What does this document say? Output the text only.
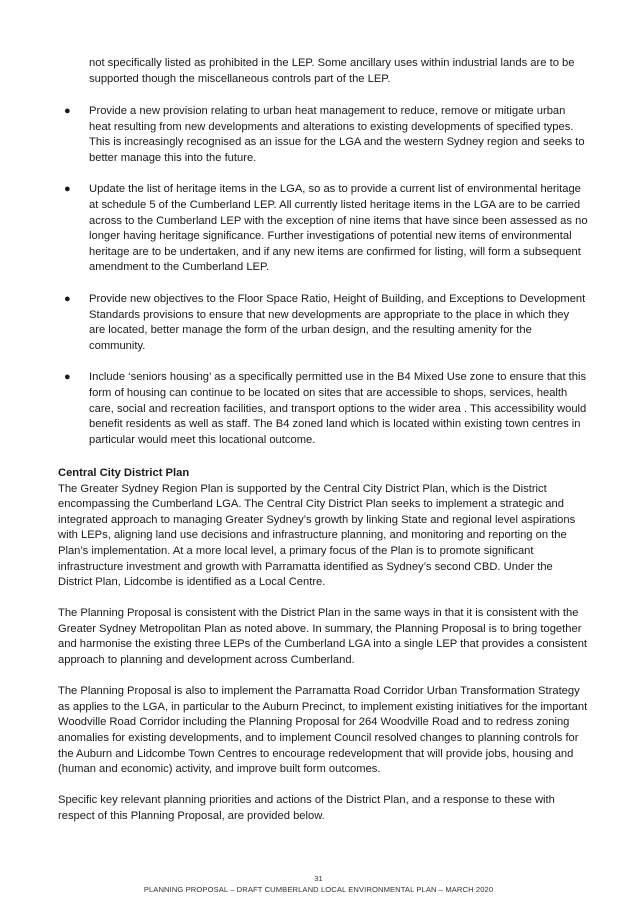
not specifically listed as prohibited in the LEP. Some ancillary uses within industrial lands are to be supported though the miscellaneous controls part of the LEP.

● Provide a new provision relating to urban heat management to reduce, remove or mitigate urban heat resulting from new developments and alterations to existing developments of specified types. This is increasingly recognised as an issue for the LGA and the western Sydney region and seeks to better manage this into the future.
● Update the list of heritage items in the LGA, so as to provide a current list of environmental heritage at schedule 5 of the Cumberland LEP. All currently listed heritage items in the LGA are to be carried across to the Cumberland LEP with the exception of nine items that have since been assessed as no longer having heritage significance. Further investigations of potential new items of environmental heritage are to be undertaken, and if any new items are confirmed for listing, will form a subsequent amendment to the Cumberland LEP.
● Provide new objectives to the Floor Space Ratio, Height of Building, and Exceptions to Development Standards provisions to ensure that new developments are appropriate to the place in which they are located, better manage the form of the urban design, and the resulting amenity for the community.
● Include ‘seniors housing’ as a specifically permitted use in the B4 Mixed Use zone to ensure that this form of housing can continue to be located on sites that are accessible to shops, services, health care, social and recreation facilities, and transport options to the wider area . This accessibility would benefit residents as well as staff. The B4 zoned land which is located within existing town centres in particular would meet this locational outcome.

Central City District Plan

The Greater Sydney Region Plan is supported by the Central City District Plan, which is the District encompassing the Cumberland LGA. The Central City District Plan seeks to implement a strategic and integrated approach to managing Greater Sydney’s growth by linking State and regional level aspirations with LEPs, aligning land use decisions and infrastructure planning, and monitoring and reporting on the Plan’s implementation. At a more local level, a primary focus of the Plan is to promote significant infrastructure investment and growth with Parramatta identified as Sydney’s second CBD. Under the District Plan, Lidcombe is identified as a Local Centre.

The Planning Proposal is consistent with the District Plan in the same ways in that it is consistent with the Greater Sydney Metropolitan Plan as noted above. In summary, the Planning Proposal is to bring together and harmonise the existing three LEPs of the Cumberland LGA into a single LEP that provides a consistent approach to planning and development across Cumberland.

The Planning Proposal is also to implement the Parramatta Road Corridor Urban Transformation Strategy as applies to the LGA, in particular to the Auburn Precinct, to implement existing initiatives for the important Woodville Road Corridor including the Planning Proposal for 264 Woodville Road and to redress zoning anomalies for existing developments, and to implement Council resolved changes to planning controls for the Auburn and Lidcombe Town Centres to encourage redevelopment that will provide jobs, housing and (human and economic) activity, and improve built form outcomes.

Specific key relevant planning priorities and actions of the District Plan, and a response to these with respect of this Planning Proposal, are provided below.

31
PLANNING PROPOSAL – DRAFT CUMBERLAND LOCAL ENVIRONMENTAL PLAN – MARCH 2020
